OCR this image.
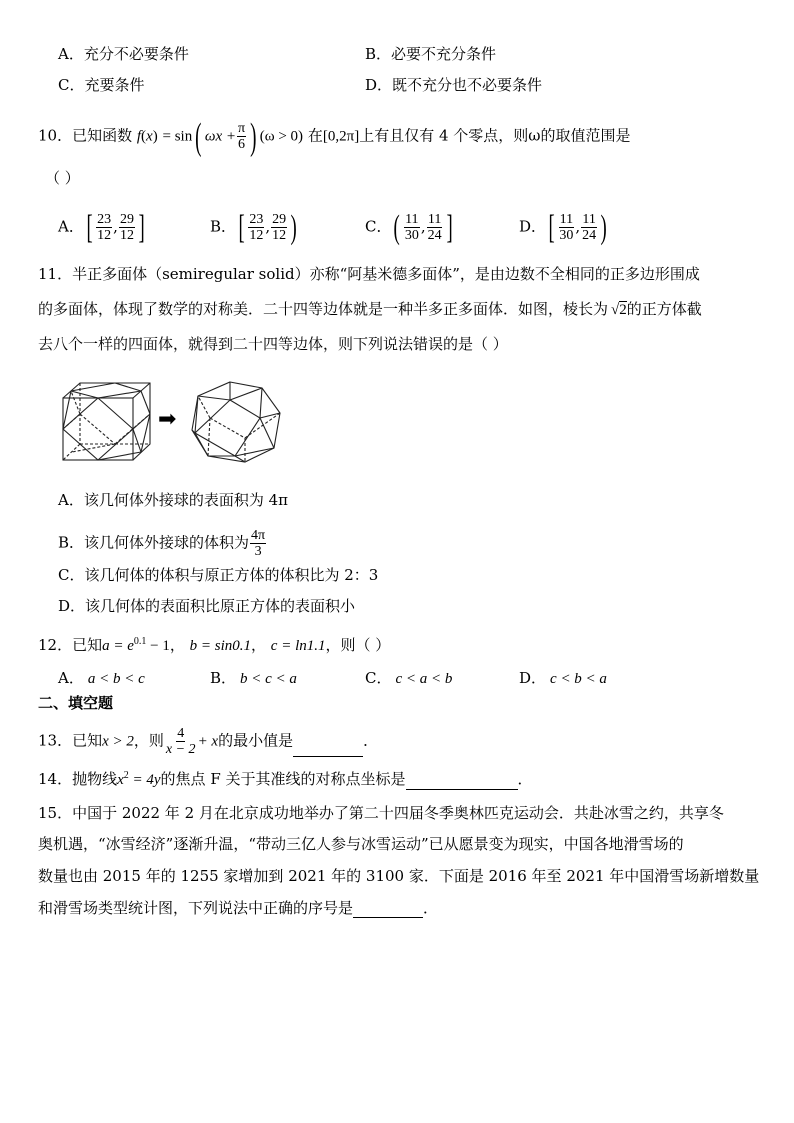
A．充分不必要条件	B．必要不充分条件
C．充要条件	D．既不充分也不必要条件
10．已知函数 f(x) = sin( $\omega x + \frac{\pi}{6}$ ) (ω > 0) 在[0,2π]上有且仅有 4 个零点，则ω的取值范围是
（ ）
A．[ $\frac{23}{12}$ , $\frac{29}{12}$ ]	B．[ $\frac{23}{12}$ , $\frac{29}{12}$ )	C．( $\frac{11}{30}$ , $\frac{11}{24}$ ]	D．[ $\frac{11}{30}$ , $\frac{11}{24}$ )
11．半正多面体（semiregular solid）亦称“阿基米德多面体”，是由边数不全相同的正多边形围成
的多面体，体现了数学的对称美．二十四等边体就是一种半多正多面体．如图，棱长为 √2的正方体截
去八个一样的四面体，就得到二十四等边体，则下列说法错误的是（ ）
➡
A．该几何体外接球的表面积为 4π
B．该几何体外接球的体积为 $\frac{4\pi}{3}$
C．该几何体的体积与原正方体的体积比为 2：3
D．该几何体的表面积比原正方体的表面积小
12．已知$a = e^{0.1} - 1$， b = sin0.1， c = ln1.1，则（ ）
A． a < b < c	B． b < c < a	C． c < a < b	D． c < b < a
二、填空题
13．已知x > 2，则 $\frac{4}{x - 2} + x$的最小值是	．
14．抛物线$x^2 = 4y$的焦点 F 关于其准线的对称点坐标是	．
15．中国于 2022 年 2 月在北京成功地举办了第二十四届冬季奥林匹克运动会．共赴冰雪之约，共享冬
奥机遇，“冰雪经济”逐渐升温，“带动三亿人参与冰雪运动”已从愿景变为现实，中国各地滑雪场的
数量也由 2015 年的 1255 家增加到 2021 年的 3100 家．下面是 2016 年至 2021 年中国滑雪场新增数量
和滑雪场类型统计图，下列说法中正确的序号是	．
